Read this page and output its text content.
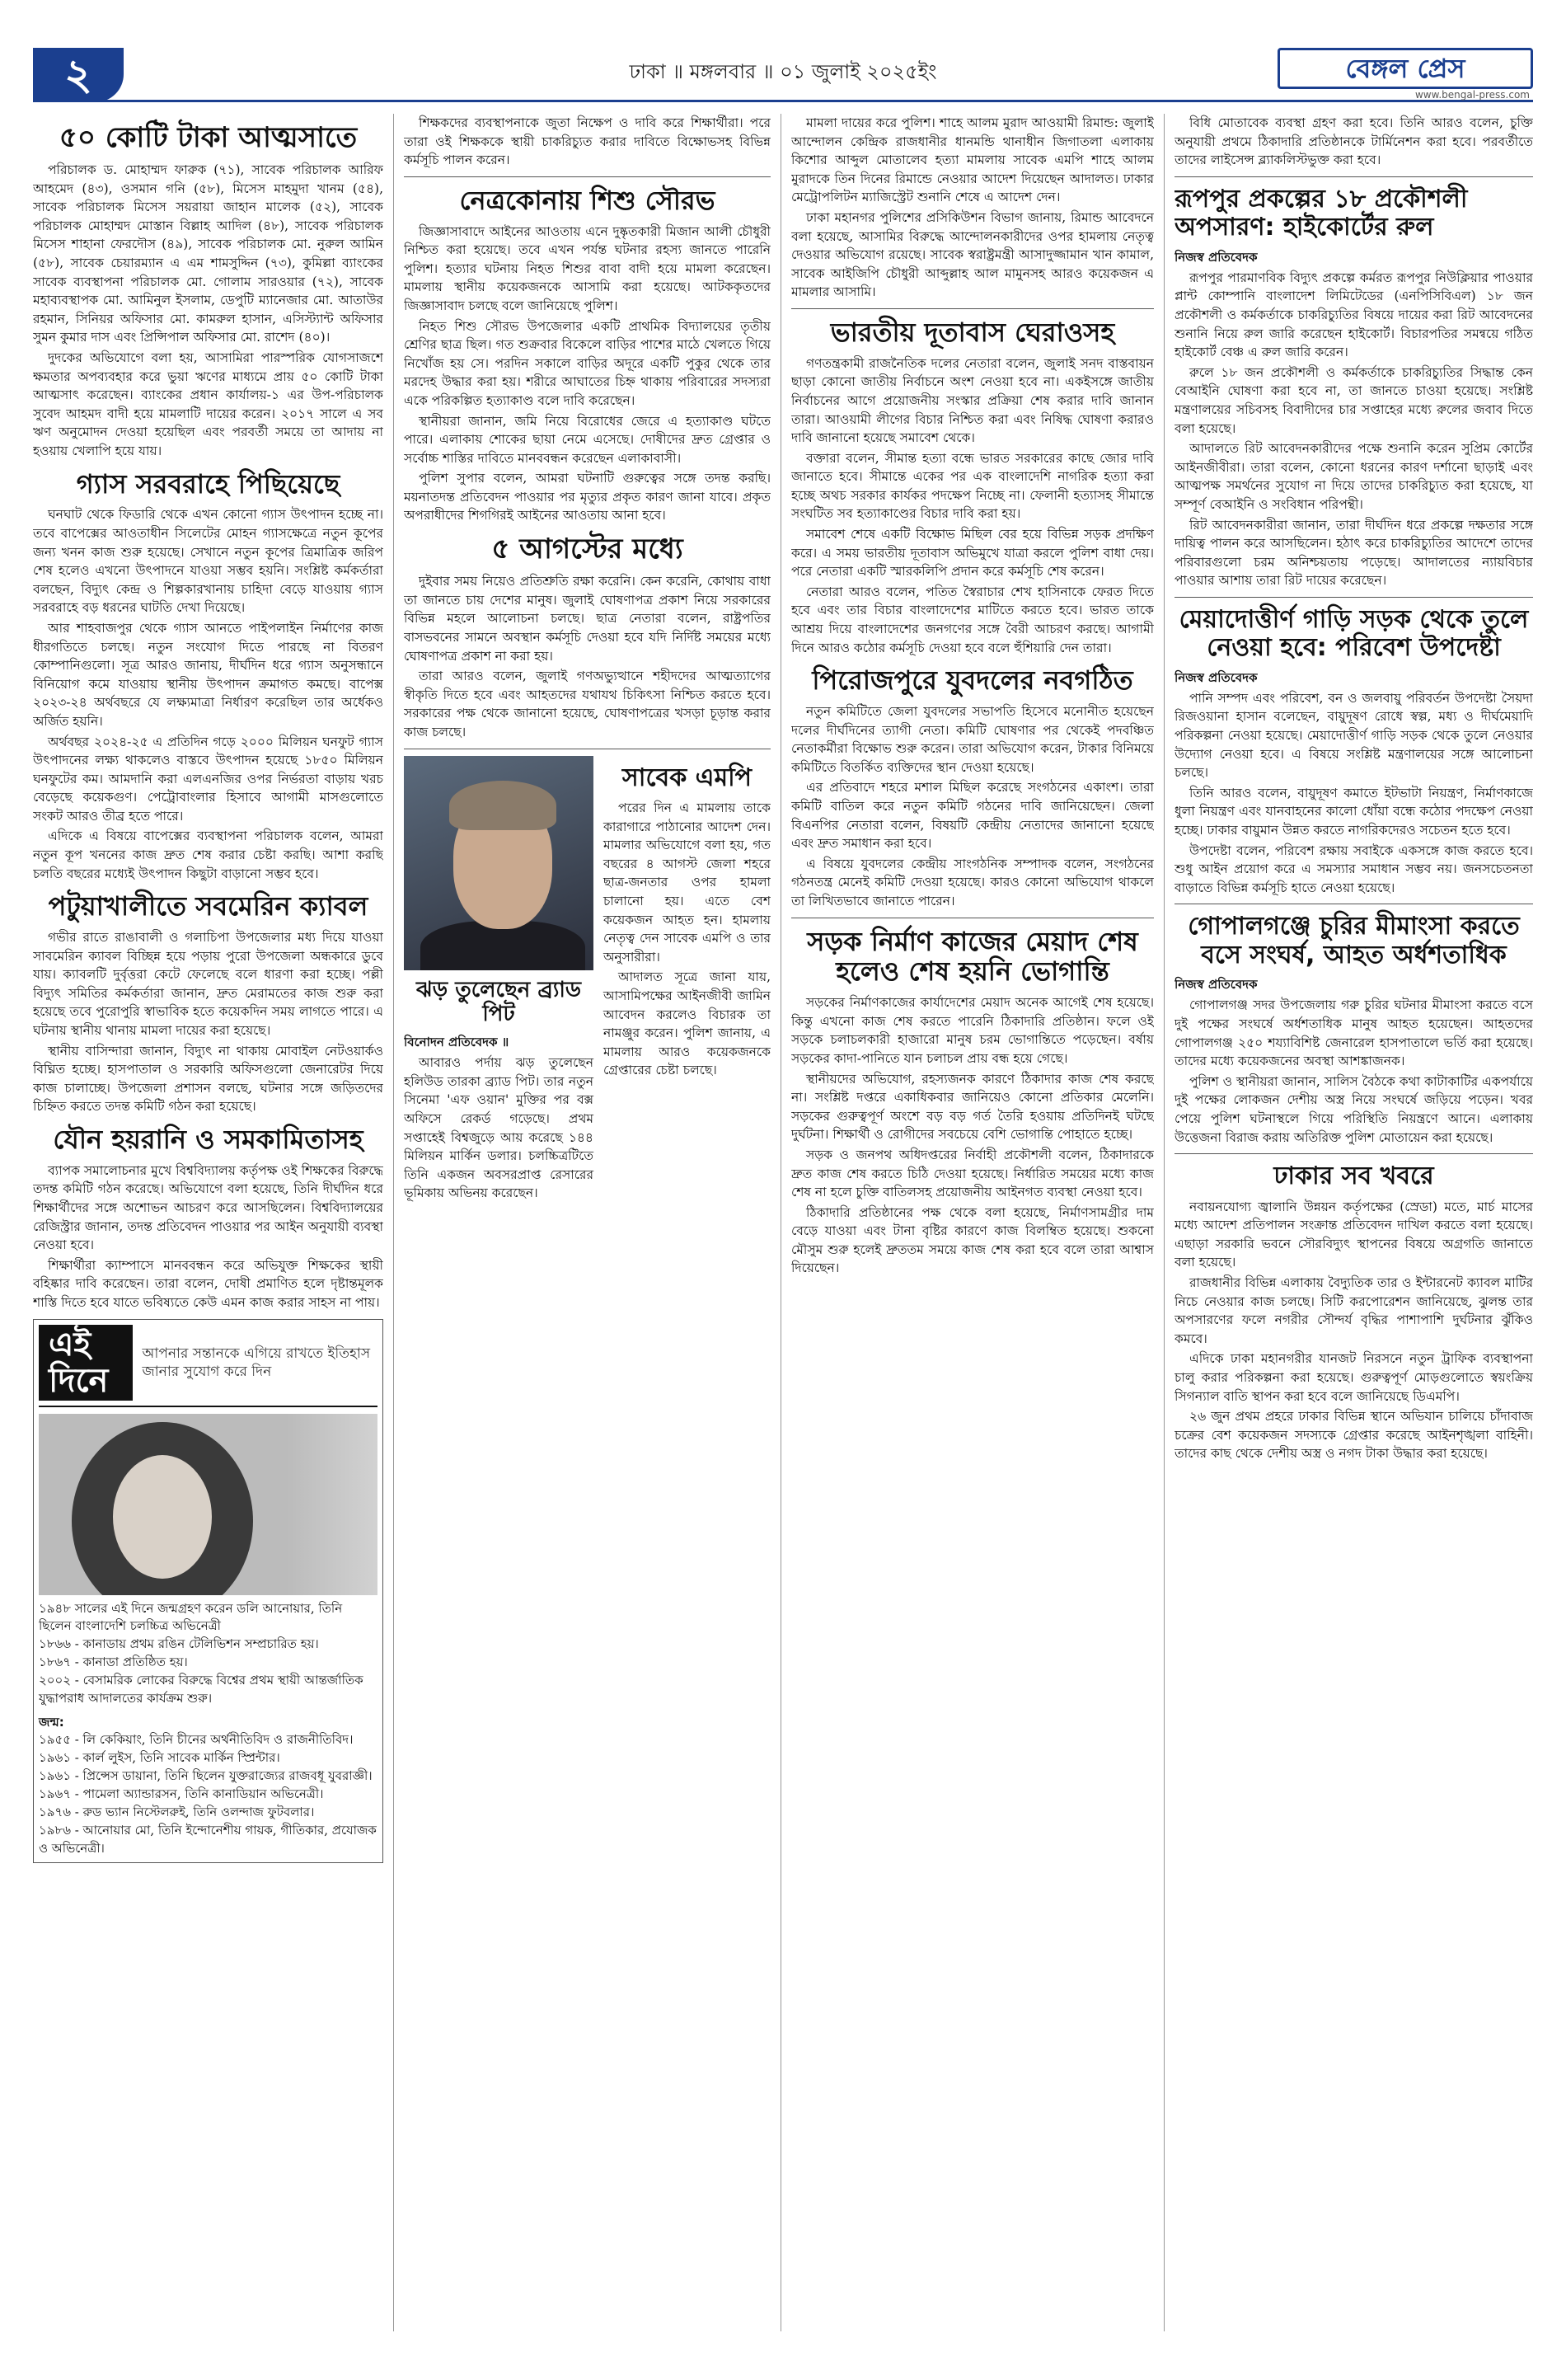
২	ঢাকা ॥ মঙ্গলবার ॥ ০১ জুলাই ২০২৫ইং	বেঙ্গল প্রেস
www.bengal-press.com
৫০ কোটি টাকা আত্মসাতে

পরিচালক ড. মোহাম্মদ ফারুক (৭১), সাবেক পরিচালক আরিফ আহমেদ (৪৩), ওসমান গনি (৫৮), মিসেস মাহমুদা খানম (৫৪), সাবেক পরিচালক মিসেস সয়রায়া জাহান মালেক (৫২), সাবেক পরিচালক মোহাম্মদ মোস্তান বিল্লাহ আদিল (৪৮), সাবেক পরিচালক মিসেস শাহানা ফেরদৌস (৪৯), সাবেক পরিচালক মো. নুরুল আমিন (৫৮), সাবেক চেয়ারম্যান এ এম শামসুদ্দিন (৭৩), কুমিল্লা ব্যাংকের সাবেক ব্যবস্থাপনা পরিচালক মো. গোলাম সারওয়ার (৭২), সাবেক মহাব্যবস্থাপক মো. আমিনুল ইসলাম, ডেপুটি ম্যানেজার মো. আতাউর রহমান, সিনিয়র অফিসার মো. কামরুল হাসান, এসিস্ট্যান্ট অফিসার সুমন কুমার দাস এবং প্রিন্সিপাল অফিসার মো. রাশেদ (৪০)।

দুদকের অভিযোগে বলা হয়, আসামিরা পারস্পরিক যোগসাজশে ক্ষমতার অপব্যবহার করে ভুয়া ঋণের মাধ্যমে প্রায় ৫০ কোটি টাকা আত্মসাৎ করেছেন। ব্যাংকের প্রধান কার্যালয়-১ এর উপ-পরিচালক সুবেদ আহমদ বাদী হয়ে মামলাটি দায়ের করেন। ২০১৭ সালে এ সব ঋণ অনুমোদন দেওয়া হয়েছিল এবং পরবর্তী সময়ে তা আদায় না হওয়ায় খেলাপি হয়ে যায়।

গ্যাস সরবরাহে পিছিয়েছে

ঘনঘাট থেকে ফিডারি থেকে এখন কোনো গ্যাস উৎপাদন হচ্ছে না। তবে বাপেক্সের আওতাধীন সিলেটের মোহন গ্যাসক্ষেত্রে নতুন কূপের জন্য খনন কাজ শুরু হয়েছে। সেখানে নতুন কূপের ত্রিমাত্রিক জরিপ শেষ হলেও এখনো উৎপাদনে যাওয়া সম্ভব হয়নি। সংশ্লিষ্ট কর্মকর্তারা বলছেন, বিদ্যুৎ কেন্দ্র ও শিল্পকারখানায় চাহিদা বেড়ে যাওয়ায় গ্যাস সরবরাহে বড় ধরনের ঘাটতি দেখা দিয়েছে।

আর শাহবাজপুর থেকে গ্যাস আনতে পাইপলাইন নির্মাণের কাজ ধীরগতিতে চলছে। নতুন সংযোগ দিতে পারছে না বিতরণ কোম্পানিগুলো। সূত্র আরও জানায়, দীর্ঘদিন ধরে গ্যাস অনুসন্ধানে বিনিয়োগ কমে যাওয়ায় স্থানীয় উৎপাদন ক্রমাগত কমছে। বাপেক্স ২০২৩-২৪ অর্থবছরে যে লক্ষ্যমাত্রা নির্ধারণ করেছিল তার অর্ধেকও অর্জিত হয়নি।

অর্থবছর ২০২৪-২৫ এ প্রতিদিন গড়ে ২০০০ মিলিয়ন ঘনফুট গ্যাস উৎপাদনের লক্ষ্য থাকলেও বাস্তবে উৎপাদন হয়েছে ১৮৫০ মিলিয়ন ঘনফুটের কম। আমদানি করা এলএনজির ওপর নির্ভরতা বাড়ায় খরচ বেড়েছে কয়েকগুণ। পেট্রোবাংলার হিসাবে আগামী মাসগুলোতে সংকট আরও তীব্র হতে পারে।

এদিকে এ বিষয়ে বাপেক্সের ব্যবস্থাপনা পরিচালক বলেন, আমরা নতুন কূপ খননের কাজ দ্রুত শেষ করার চেষ্টা করছি। আশা করছি চলতি বছরের মধ্যেই উৎপাদন কিছুটা বাড়ানো সম্ভব হবে।

পটুয়াখালীতে সবমেরিন ক্যাবল

গভীর রাতে রাঙাবালী ও গলাচিপা উপজেলার মধ্য দিয়ে যাওয়া সাবমেরিন ক্যাবল বিচ্ছিন্ন হয়ে পড়ায় পুরো উপজেলা অন্ধকারে ডুবে যায়। ক্যাবলটি দুর্বৃত্তরা কেটে ফেলেছে বলে ধারণা করা হচ্ছে। পল্লী বিদ্যুৎ সমিতির কর্মকর্তারা জানান, দ্রুত মেরামতের কাজ শুরু করা হয়েছে তবে পুরোপুরি স্বাভাবিক হতে কয়েকদিন সময় লাগতে পারে। এ ঘটনায় স্থানীয় থানায় মামলা দায়ের করা হয়েছে।

স্থানীয় বাসিন্দারা জানান, বিদ্যুৎ না থাকায় মোবাইল নেটওয়ার্কও বিঘ্নিত হচ্ছে। হাসপাতাল ও সরকারি অফিসগুলো জেনারেটর দিয়ে কাজ চালাচ্ছে। উপজেলা প্রশাসন বলছে, ঘটনার সঙ্গে জড়িতদের চিহ্নিত করতে তদন্ত কমিটি গঠন করা হয়েছে।

যৌন হয়রানি ও সমকামিতাসহ

ব্যাপক সমালোচনার মুখে বিশ্ববিদ্যালয় কর্তৃপক্ষ ওই শিক্ষকের বিরুদ্ধে তদন্ত কমিটি গঠন করেছে। অভিযোগে বলা হয়েছে, তিনি দীর্ঘদিন ধরে শিক্ষার্থীদের সঙ্গে অশোভন আচরণ করে আসছিলেন। বিশ্ববিদ্যালয়ের রেজিস্ট্রার জানান, তদন্ত প্রতিবেদন পাওয়ার পর আইন অনুযায়ী ব্যবস্থা নেওয়া হবে।

শিক্ষার্থীরা ক্যাম্পাসে মানববন্ধন করে অভিযুক্ত শিক্ষকের স্থায়ী বহিষ্কার দাবি করেছেন। তারা বলেন, দোষী প্রমাণিত হলে দৃষ্টান্তমূলক শাস্তি দিতে হবে যাতে ভবিষ্যতে কেউ এমন কাজ করার সাহস না পায়।

এই দিনে
আপনার সন্তানকে এগিয়ে রাখতে ইতিহাস জানার সুযোগ করে দিন
১৯৪৮ সালের এই দিনে জন্মগ্রহণ করেন ডলি আনোয়ার, তিনি ছিলেন বাংলাদেশি চলচ্চিত্র অভিনেত্রী
১৮৬৬ - কানাডায় প্রথম রঙিন টেলিভিশন সম্প্রচারিত হয়।
১৮৬৭ - কানাডা প্রতিষ্ঠিত হয়।
২০০২ - বেসামরিক লোকের বিরুদ্ধে বিশ্বের প্রথম স্থায়ী আন্তর্জাতিক যুদ্ধাপরাধ আদালতের কার্যক্রম শুরু।
জন্ম:
১৯৫৫ - লি কেকিয়াং, তিনি চীনের অর্থনীতিবিদ ও রাজনীতিবিদ।
১৯৬১ - কার্ল লুইস, তিনি সাবেক মার্কিন স্প্রিন্টার।
১৯৬১ - প্রিন্সেস ডায়ানা, তিনি ছিলেন যুক্তরাজ্যের রাজবধূ যুবরাজ্ঞী।
১৯৬৭ - পামেলা অ্যান্ডারসন, তিনি কানাডিয়ান অভিনেত্রী।
১৯৭৬ - রুড ভ্যান নিস্টেলরুই, তিনি ওলন্দাজ ফুটবলার।
১৯৮৬ - আনোয়ার মো, তিনি ইন্দোনেশীয় গায়ক, গীতিকার, প্রযোজক ও অভিনেত্রী।

শিক্ষকদের ব্যবস্থাপনাকে জুতা নিক্ষেপ ও দাবি করে শিক্ষার্থীরা। পরে তারা ওই শিক্ষককে স্থায়ী চাকরিচ্যুত করার দাবিতে বিক্ষোভসহ বিভিন্ন কর্মসূচি পালন করেন।

নেত্রকোনায় শিশু সৌরভ

জিজ্ঞাসাবাদে আইনের আওতায় এনে দুষ্কৃতকারী মিজান আলী চৌধুরী নিশ্চিত করা হয়েছে। তবে এখন পর্যন্ত ঘটনার রহস্য জানতে পারেনি পুলিশ। হত্যার ঘটনায় নিহত শিশুর বাবা বাদী হয়ে মামলা করেছেন। মামলায় স্থানীয় কয়েকজনকে আসামি করা হয়েছে। আটককৃতদের জিজ্ঞাসাবাদ চলছে বলে জানিয়েছে পুলিশ।

নিহত শিশু সৌরভ উপজেলার একটি প্রাথমিক বিদ্যালয়ের তৃতীয় শ্রেণির ছাত্র ছিল। গত শুক্রবার বিকেলে বাড়ির পাশের মাঠে খেলতে গিয়ে নিখোঁজ হয় সে। পরদিন সকালে বাড়ির অদূরে একটি পুকুর থেকে তার মরদেহ উদ্ধার করা হয়। শরীরে আঘাতের চিহ্ন থাকায় পরিবারের সদস্যরা একে পরিকল্পিত হত্যাকাণ্ড বলে দাবি করেছেন।

স্থানীয়রা জানান, জমি নিয়ে বিরোধের জেরে এ হত্যাকাণ্ড ঘটতে পারে। এলাকায় শোকের ছায়া নেমে এসেছে। দোষীদের দ্রুত গ্রেপ্তার ও সর্বোচ্চ শাস্তির দাবিতে মানববন্ধন করেছেন এলাকাবাসী।

পুলিশ সুপার বলেন, আমরা ঘটনাটি গুরুত্বের সঙ্গে তদন্ত করছি। ময়নাতদন্ত প্রতিবেদন পাওয়ার পর মৃত্যুর প্রকৃত কারণ জানা যাবে। প্রকৃত অপরাধীদের শিগগিরই আইনের আওতায় আনা হবে।

৫ আগস্টের মধ্যে

দুইবার সময় নিয়েও প্রতিশ্রুতি রক্ষা করেনি। কেন করেনি, কোথায় বাধা তা জানতে চায় দেশের মানুষ। জুলাই ঘোষণাপত্র প্রকাশ নিয়ে সরকারের বিভিন্ন মহলে আলোচনা চলছে। ছাত্র নেতারা বলেন, রাষ্ট্রপতির বাসভবনের সামনে অবস্থান কর্মসূচি দেওয়া হবে যদি নির্দিষ্ট সময়ের মধ্যে ঘোষণাপত্র প্রকাশ না করা হয়।

তারা আরও বলেন, জুলাই গণঅভ্যুত্থানে শহীদদের আত্মত্যাগের স্বীকৃতি দিতে হবে এবং আহতদের যথাযথ চিকিৎসা নিশ্চিত করতে হবে। সরকারের পক্ষ থেকে জানানো হয়েছে, ঘোষণাপত্রের খসড়া চূড়ান্ত করার কাজ চলছে।

ঝড় তুলেছেন ব্র্যাড পিট
বিনোদন প্রতিবেদক ॥

আবারও পর্দায় ঝড় তুলেছেন হলিউড তারকা ব্র্যাড পিট। তার নতুন সিনেমা 'এফ ওয়ান' মুক্তির পর বক্স অফিসে রেকর্ড গড়েছে। প্রথম সপ্তাহেই বিশ্বজুড়ে আয় করেছে ১৪৪ মিলিয়ন মার্কিন ডলার। চলচ্চিত্রটিতে তিনি একজন অবসরপ্রাপ্ত রেসারের ভূমিকায় অভিনয় করেছেন।

সাবেক এমপি

পরের দিন এ মামলায় তাকে কারাগারে পাঠানোর আদেশ দেন। মামলার অভিযোগে বলা হয়, গত বছরের ৪ আগস্ট জেলা শহরে ছাত্র-জনতার ওপর হামলা চালানো হয়। এতে বেশ কয়েকজন আহত হন। হামলায় নেতৃত্ব দেন সাবেক এমপি ও তার অনুসারীরা।

আদালত সূত্রে জানা যায়, আসামিপক্ষের আইনজীবী জামিন আবেদন করলেও বিচারক তা নামঞ্জুর করেন। পুলিশ জানায়, এ মামলায় আরও কয়েকজনকে গ্রেপ্তারের চেষ্টা চলছে।

মামলা দায়ের করে পুলিশ। শাহে আলম মুরাদ আওয়ামী রিমান্ড: জুলাই আন্দোলন কেন্দ্রিক রাজধানীর ধানমন্ডি থানাধীন জিগাতলা এলাকায় কিশোর আব্দুল মোতালেব হত্যা মামলায় সাবেক এমপি শাহে আলম মুরাদকে তিন দিনের রিমান্ডে নেওয়ার আদেশ দিয়েছেন আদালত। ঢাকার মেট্রোপলিটন ম্যাজিস্ট্রেট শুনানি শেষে এ আদেশ দেন।

ঢাকা মহানগর পুলিশের প্রসিকিউশন বিভাগ জানায়, রিমান্ড আবেদনে বলা হয়েছে, আসামির বিরুদ্ধে আন্দোলনকারীদের ওপর হামলায় নেতৃত্ব দেওয়ার অভিযোগ রয়েছে। সাবেক স্বরাষ্ট্রমন্ত্রী আসাদুজ্জামান খান কামাল, সাবেক আইজিপি চৌধুরী আব্দুল্লাহ আল মামুনসহ আরও কয়েকজন এ মামলার আসামি।

ভারতীয় দূতাবাস ঘেরাওসহ

গণতন্ত্রকামী রাজনৈতিক দলের নেতারা বলেন, জুলাই সনদ বাস্তবায়ন ছাড়া কোনো জাতীয় নির্বাচনে অংশ নেওয়া হবে না। একইসঙ্গে জাতীয় নির্বাচনের আগে প্রয়োজনীয় সংস্কার প্রক্রিয়া শেষ করার দাবি জানান তারা। আওয়ামী লীগের বিচার নিশ্চিত করা এবং নিষিদ্ধ ঘোষণা করারও দাবি জানানো হয়েছে সমাবেশ থেকে।

বক্তারা বলেন, সীমান্ত হত্যা বন্ধে ভারত সরকারের কাছে জোর দাবি জানাতে হবে। সীমান্তে একের পর এক বাংলাদেশি নাগরিক হত্যা করা হচ্ছে অথচ সরকার কার্যকর পদক্ষেপ নিচ্ছে না। ফেলানী হত্যাসহ সীমান্তে সংঘটিত সব হত্যাকাণ্ডের বিচার দাবি করা হয়।

সমাবেশ শেষে একটি বিক্ষোভ মিছিল বের হয়ে বিভিন্ন সড়ক প্রদক্ষিণ করে। এ সময় ভারতীয় দূতাবাস অভিমুখে যাত্রা করলে পুলিশ বাধা দেয়। পরে নেতারা একটি স্মারকলিপি প্রদান করে কর্মসূচি শেষ করেন।

নেতারা আরও বলেন, পতিত স্বৈরাচার শেখ হাসিনাকে ফেরত দিতে হবে এবং তার বিচার বাংলাদেশের মাটিতে করতে হবে। ভারত তাকে আশ্রয় দিয়ে বাংলাদেশের জনগণের সঙ্গে বৈরী আচরণ করছে। আগামী দিনে আরও কঠোর কর্মসূচি দেওয়া হবে বলে হুঁশিয়ারি দেন তারা।

পিরোজপুরে যুবদলের নবগঠিত

নতুন কমিটিতে জেলা যুবদলের সভাপতি হিসেবে মনোনীত হয়েছেন দলের দীর্ঘদিনের ত্যাগী নেতা। কমিটি ঘোষণার পর থেকেই পদবঞ্চিত নেতাকর্মীরা বিক্ষোভ শুরু করেন। তারা অভিযোগ করেন, টাকার বিনিময়ে কমিটিতে বিতর্কিত ব্যক্তিদের স্থান দেওয়া হয়েছে।

এর প্রতিবাদে শহরে মশাল মিছিল করেছে সংগঠনের একাংশ। তারা কমিটি বাতিল করে নতুন কমিটি গঠনের দাবি জানিয়েছেন। জেলা বিএনপির নেতারা বলেন, বিষয়টি কেন্দ্রীয় নেতাদের জানানো হয়েছে এবং দ্রুত সমাধান করা হবে।

এ বিষয়ে যুবদলের কেন্দ্রীয় সাংগঠনিক সম্পাদক বলেন, সংগঠনের গঠনতন্ত্র মেনেই কমিটি দেওয়া হয়েছে। কারও কোনো অভিযোগ থাকলে তা লিখিতভাবে জানাতে পারেন।

সড়ক নির্মাণ কাজের মেয়াদ শেষ হলেও শেষ হয়নি ভোগান্তি

সড়কের নির্মাণকাজের কার্যাদেশের মেয়াদ অনেক আগেই শেষ হয়েছে। কিন্তু এখনো কাজ শেষ করতে পারেনি ঠিকাদারি প্রতিষ্ঠান। ফলে ওই সড়কে চলাচলকারী হাজারো মানুষ চরম ভোগান্তিতে পড়েছেন। বর্ষায় সড়কের কাদা-পানিতে যান চলাচল প্রায় বন্ধ হয়ে গেছে।

স্থানীয়দের অভিযোগ, রহস্যজনক কারণে ঠিকাদার কাজ শেষ করছে না। সংশ্লিষ্ট দপ্তরে একাধিকবার জানিয়েও কোনো প্রতিকার মেলেনি। সড়কের গুরুত্বপূর্ণ অংশে বড় বড় গর্ত তৈরি হওয়ায় প্রতিদিনই ঘটছে দুর্ঘটনা। শিক্ষার্থী ও রোগীদের সবচেয়ে বেশি ভোগান্তি পোহাতে হচ্ছে।

সড়ক ও জনপথ অধিদপ্তরের নির্বাহী প্রকৌশলী বলেন, ঠিকাদারকে দ্রুত কাজ শেষ করতে চিঠি দেওয়া হয়েছে। নির্ধারিত সময়ের মধ্যে কাজ শেষ না হলে চুক্তি বাতিলসহ প্রয়োজনীয় আইনগত ব্যবস্থা নেওয়া হবে।

ঠিকাদারি প্রতিষ্ঠানের পক্ষ থেকে বলা হয়েছে, নির্মাণসামগ্রীর দাম বেড়ে যাওয়া এবং টানা বৃষ্টির কারণে কাজ বিলম্বিত হয়েছে। শুকনো মৌসুম শুরু হলেই দ্রুততম সময়ে কাজ শেষ করা হবে বলে তারা আশ্বাস দিয়েছেন।

বিধি মোতাবেক ব্যবস্থা গ্রহণ করা হবে। তিনি আরও বলেন, চুক্তি অনুযায়ী প্রথমে ঠিকাদারি প্রতিষ্ঠানকে টার্মিনেশন করা হবে। পরবর্তীতে তাদের লাইসেন্স ব্ল্যাকলিস্টভুক্ত করা হবে।

রূপপুর প্রকল্পের ১৮ প্রকৌশলী অপসারণ: হাইকোর্টের রুল
নিজস্ব প্রতিবেদক

রূপপুর পারমাণবিক বিদ্যুৎ প্রকল্পে কর্মরত রূপপুর নিউক্লিয়ার পাওয়ার প্লান্ট কোম্পানি বাংলাদেশ লিমিটেডের (এনপিসিবিএল) ১৮ জন প্রকৌশলী ও কর্মকর্তাকে চাকরিচ্যুতির বিষয়ে দায়ের করা রিট আবেদনের শুনানি নিয়ে রুল জারি করেছেন হাইকোর্ট। বিচারপতির সমন্বয়ে গঠিত হাইকোর্ট বেঞ্চ এ রুল জারি করেন।

রুলে ১৮ জন প্রকৌশলী ও কর্মকর্তাকে চাকরিচ্যুতির সিদ্ধান্ত কেন বেআইনি ঘোষণা করা হবে না, তা জানতে চাওয়া হয়েছে। সংশ্লিষ্ট মন্ত্রণালয়ের সচিবসহ বিবাদীদের চার সপ্তাহের মধ্যে রুলের জবাব দিতে বলা হয়েছে।

আদালতে রিট আবেদনকারীদের পক্ষে শুনানি করেন সুপ্রিম কোর্টের আইনজীবীরা। তারা বলেন, কোনো ধরনের কারণ দর্শানো ছাড়াই এবং আত্মপক্ষ সমর্থনের সুযোগ না দিয়ে তাদের চাকরিচ্যুত করা হয়েছে, যা সম্পূর্ণ বেআইনি ও সংবিধান পরিপন্থী।

রিট আবেদনকারীরা জানান, তারা দীর্ঘদিন ধরে প্রকল্পে দক্ষতার সঙ্গে দায়িত্ব পালন করে আসছিলেন। হঠাৎ করে চাকরিচ্যুতির আদেশে তাদের পরিবারগুলো চরম অনিশ্চয়তায় পড়েছে। আদালতের ন্যায়বিচার পাওয়ার আশায় তারা রিট দায়ের করেছেন।

মেয়াদোত্তীর্ণ গাড়ি সড়ক থেকে তুলে নেওয়া হবে: পরিবেশ উপদেষ্টা
নিজস্ব প্রতিবেদক

পানি সম্পদ এবং পরিবেশ, বন ও জলবায়ু পরিবর্তন উপদেষ্টা সৈয়দা রিজওয়ানা হাসান বলেছেন, বায়ুদূষণ রোধে স্বল্প, মধ্য ও দীর্ঘমেয়াদি পরিকল্পনা নেওয়া হয়েছে। মেয়াদোত্তীর্ণ গাড়ি সড়ক থেকে তুলে নেওয়ার উদ্যোগ নেওয়া হবে। এ বিষয়ে সংশ্লিষ্ট মন্ত্রণালয়ের সঙ্গে আলোচনা চলছে।

তিনি আরও বলেন, বায়ুদূষণ কমাতে ইটভাটা নিয়ন্ত্রণ, নির্মাণকাজে ধুলা নিয়ন্ত্রণ এবং যানবাহনের কালো ধোঁয়া বন্ধে কঠোর পদক্ষেপ নেওয়া হচ্ছে। ঢাকার বায়ুমান উন্নত করতে নাগরিকদেরও সচেতন হতে হবে।

উপদেষ্টা বলেন, পরিবেশ রক্ষায় সবাইকে একসঙ্গে কাজ করতে হবে। শুধু আইন প্রয়োগ করে এ সমস্যার সমাধান সম্ভব নয়। জনসচেতনতা বাড়াতে বিভিন্ন কর্মসূচি হাতে নেওয়া হয়েছে।

গোপালগঞ্জে চুরির মীমাংসা করতে বসে সংঘর্ষ, আহত অর্ধশতাধিক
নিজস্ব প্রতিবেদক

গোপালগঞ্জ সদর উপজেলায় গরু চুরির ঘটনার মীমাংসা করতে বসে দুই পক্ষের সংঘর্ষে অর্ধশতাধিক মানুষ আহত হয়েছেন। আহতদের গোপালগঞ্জ ২৫০ শয্যাবিশিষ্ট জেনারেল হাসপাতালে ভর্তি করা হয়েছে। তাদের মধ্যে কয়েকজনের অবস্থা আশঙ্কাজনক।

পুলিশ ও স্থানীয়রা জানান, সালিস বৈঠকে কথা কাটাকাটির একপর্যায়ে দুই পক্ষের লোকজন দেশীয় অস্ত্র নিয়ে সংঘর্ষে জড়িয়ে পড়েন। খবর পেয়ে পুলিশ ঘটনাস্থলে গিয়ে পরিস্থিতি নিয়ন্ত্রণে আনে। এলাকায় উত্তেজনা বিরাজ করায় অতিরিক্ত পুলিশ মোতায়েন করা হয়েছে।

ঢাকার সব খবরে

নবায়নযোগ্য জ্বালানি উন্নয়ন কর্তৃপক্ষের (স্রেডা) মতে, মার্চ মাসের মধ্যে আদেশ প্রতিপালন সংক্রান্ত প্রতিবেদন দাখিল করতে বলা হয়েছে। এছাড়া সরকারি ভবনে সৌরবিদ্যুৎ স্থাপনের বিষয়ে অগ্রগতি জানাতে বলা হয়েছে।

রাজধানীর বিভিন্ন এলাকায় বৈদ্যুতিক তার ও ইন্টারনেট ক্যাবল মাটির নিচে নেওয়ার কাজ চলছে। সিটি করপোরেশন জানিয়েছে, ঝুলন্ত তার অপসারণের ফলে নগরীর সৌন্দর্য বৃদ্ধির পাশাপাশি দুর্ঘটনার ঝুঁকিও কমবে।

এদিকে ঢাকা মহানগরীর যানজট নিরসনে নতুন ট্রাফিক ব্যবস্থাপনা চালু করার পরিকল্পনা করা হয়েছে। গুরুত্বপূর্ণ মোড়গুলোতে স্বয়ংক্রিয় সিগন্যাল বাতি স্থাপন করা হবে বলে জানিয়েছে ডিএমপি।

২৬ জুন প্রথম প্রহরে ঢাকার বিভিন্ন স্থানে অভিযান চালিয়ে চাঁদাবাজ চক্রের বেশ কয়েকজন সদস্যকে গ্রেপ্তার করেছে আইনশৃঙ্খলা বাহিনী। তাদের কাছ থেকে দেশীয় অস্ত্র ও নগদ টাকা উদ্ধার করা হয়েছে।
